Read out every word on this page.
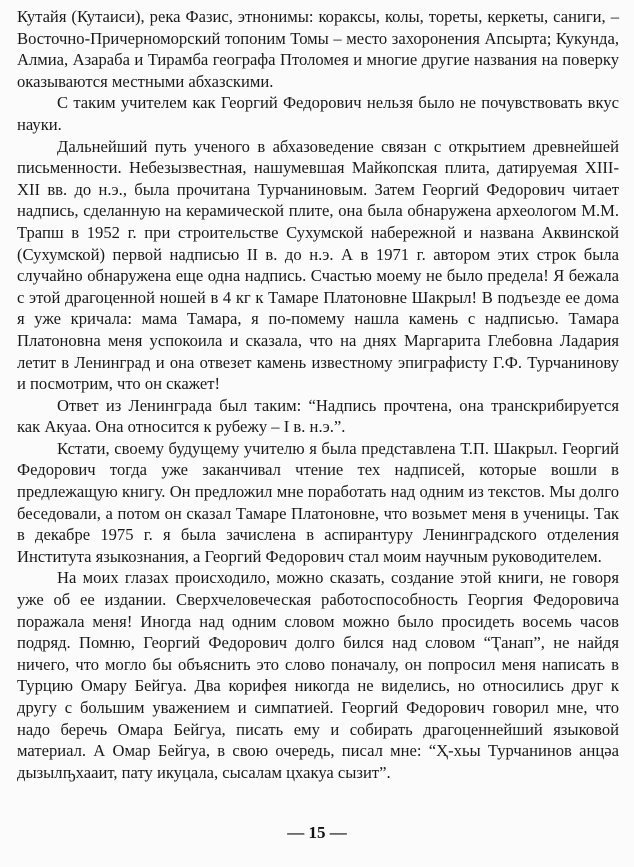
Кутайя (Кутаиси), река Фазис, этнонимы: кораксы, колы, тореты, керкеты, саниги, – Восточно-Причерноморский топоним Томы – место захоронения Апсырта; Кукунда, Алмиа, Азараба и Тирамба географа Птоломея и многие другие названия на поверку оказываются местными абхазскими.

С таким учителем как Георгий Федорович нельзя было не почувствовать вкус науки.

Дальнейший путь ученого в абхазоведение связан с открытием древнейшей письменности. Небезызвестная, нашумевшая Майкопская плита, датируемая XIII-XII вв. до н.э., была прочитана Турчаниновым. Затем Георгий Федорович читает надпись, сделанную на керамической плите, она была обнаружена археологом М.М. Трапш в 1952 г. при строительстве Сухумской набережной и названа Аквинской (Сухумской) первой надписью II в. до н.э. А в 1971 г. автором этих строк была случайно обнаружена еще одна надпись. Счастью моему не было предела! Я бежала с этой драгоценной ношей в 4 кг к Тамаре Платоновне Шакрыл! В подъезде ее дома я уже кричала: мама Тамара, я по-помему нашла камень с надписью. Тамара Платоновна меня успокоила и сказала, что на днях Маргарита Глебовна Ладария летит в Ленинград и она отвезет камень известному эпиграфисту Г.Ф. Турчанинову и посмотрим, что он скажет!

Ответ из Ленинграда был таким: “Надпись прочтена, она транскрибируется как Акуаа. Она относится к рубежу – I в. н.э.”.

Кстати, своему будущему учителю я была представлена Т.П. Шакрыл. Георгий Федорович тогда уже заканчивал чтение тех надписей, которые вошли в предлежащую книгу. Он предложил мне поработать над одним из текстов. Мы долго беседовали, а потом он сказал Тамаре Платоновне, что возьмет меня в ученицы. Так в декабре 1975 г. я была зачислена в аспирантуру Ленинградского отделения Института языкознания, а Георгий Федорович стал моим научным руководителем.

На моих глазах происходило, можно сказать, создание этой книги, не говоря уже об ее издании. Сверхчеловеческая работоспособность Георгия Федоровича поражала меня! Иногда над одним словом можно было просидеть восемь часов подряд. Помню, Георгий Федорович долго бился над словом “Ҭанап”, не найдя ничего, что могло бы объяснить это слово поначалу, он попросил меня написать в Турцию Омару Бейгуа. Два корифея никогда не виделись, но относились друг к другу с большим уважением и симпатией. Георгий Федорович говорил мне, что надо беречь Омара Бейгуа, писать ему и собирать драгоценнейший языковой материал. А Омар Бейгуа, в свою очередь, писал мне: “Ҳ-хьы Турчанинов анцәа дызылҧхааит, пату икуцала, сысалам цхакуа сызит”.

— 15 —
